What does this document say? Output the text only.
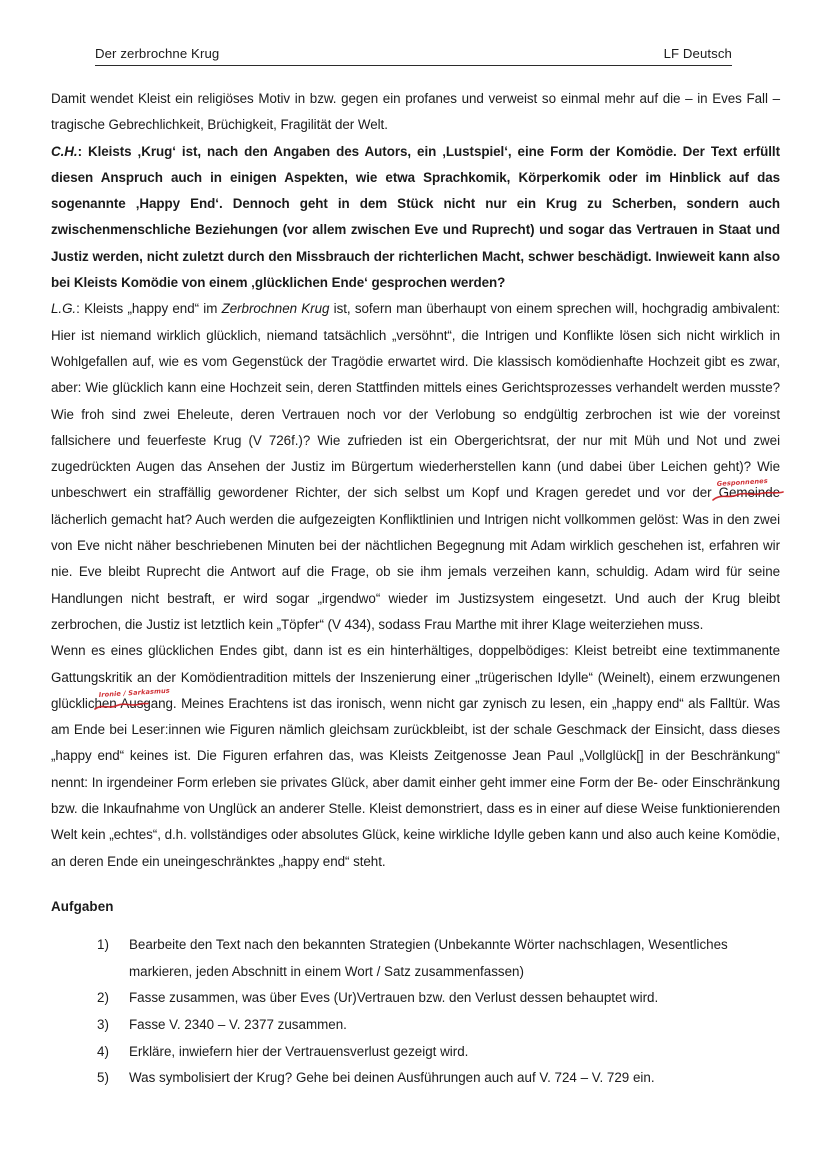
Der zerbrochne Krug	LF Deutsch

Damit wendet Kleist ein religiöses Motiv in bzw. gegen ein profanes und verweist so einmal mehr auf die – in Eves Fall – tragische Gebrechlichkeit, Brüchigkeit, Fragilität der Welt.

C.H.: Kleists ‚Krug‘ ist, nach den Angaben des Autors, ein ‚Lustspiel‘, eine Form der Komödie. Der Text erfüllt diesen Anspruch auch in einigen Aspekten, wie etwa Sprachkomik, Körperkomik oder im Hinblick auf das sogenannte ‚Happy End‘. Dennoch geht in dem Stück nicht nur ein Krug zu Scherben, sondern auch zwischenmenschliche Beziehungen (vor allem zwischen Eve und Ruprecht) und sogar das Vertrauen in Staat und Justiz werden, nicht zuletzt durch den Missbrauch der richterlichen Macht, schwer beschädigt. Inwieweit kann also bei Kleists Komödie von einem ‚glücklichen Ende‘ gesprochen werden?

L.G.: Kleists „happy end“ im Zerbrochnen Krug ist, sofern man überhaupt von einem sprechen will, hochgradig ambivalent: Hier ist niemand wirklich glücklich, niemand tatsächlich „versöhnt“, die Intrigen und Konflikte lösen sich nicht wirklich in Wohlgefallen auf, wie es vom Gegenstück der Tragödie erwartet wird. Die klassisch komödienhafte Hochzeit gibt es zwar, aber: Wie glücklich kann eine Hochzeit sein, deren Stattfinden mittels eines Gerichtsprozesses verhandelt werden musste? Wie froh sind zwei Eheleute, deren Vertrauen noch vor der Verlobung so endgültig zerbrochen ist wie der voreinst fallsichere und feuerfeste Krug (V 726f.)? Wie zufrieden ist ein Obergerichtsrat, der nur mit Müh und Not und zwei zugedrückten Augen das Ansehen der Justiz im Bürgertum wiederherstellen kann (und dabei über Leichen geht)? Wie unbeschwert ein straffällig gewordener Richter, der sich selbst um Kopf und Kragen geredet und vor der Gemeinde lächerlich gemacht hat? Auch werden die aufgezeigten Konfliktlinien und Intrigen nicht vollkommen gelöst: Was in den zwei von Eve nicht näher beschriebenen Minuten bei der nächtlichen Begegnung mit Adam wirklich geschehen ist, erfahren wir nie. Eve bleibt Ruprecht die Antwort auf die Frage, ob sie ihm jemals verzeihen kann, schuldig. Adam wird für seine Handlungen nicht bestraft, er wird sogar „irgendwo“ wieder im Justizsystem eingesetzt. Und auch der Krug bleibt zerbrochen, die Justiz ist letztlich kein „Töpfer“ (V 434), sodass Frau Marthe mit ihrer Klage weiterziehen muss.

Wenn es eines glücklichen Endes gibt, dann ist es ein hinterhältiges, doppelbödiges: Kleist betreibt eine textimmanente Gattungskritik an der Komödientradition mittels der Inszenierung einer „trügerischen Idylle“ (Weinelt), einem erzwungenen glücklichen Ausgang. Meines Erachtens ist das ironisch, wenn nicht gar zynisch zu lesen, ein „happy end“ als Falltür. Was am Ende bei Leser:innen wie Figuren nämlich gleichsam zurückbleibt, ist der schale Geschmack der Einsicht, dass dieses „happy end“ keines ist. Die Figuren erfahren das, was Kleists Zeitgenosse Jean Paul „Vollglück[] in der Beschränkung“ nennt: In irgendeiner Form erleben sie privates Glück, aber damit einher geht immer eine Form der Be- oder Einschränkung bzw. die Inkaufnahme von Unglück an anderer Stelle. Kleist demonstriert, dass es in einer auf diese Weise funktionierenden Welt kein „echtes“, d.h. vollständiges oder absolutes Glück, keine wirkliche Idylle geben kann und also auch keine Komödie, an deren Ende ein uneingeschränktes „happy end“ steht.

Gesponnenes
Ironie / Sarkasmus
Aufgaben
Bearbeite den Text nach den bekannten Strategien (Unbekannte Wörter nachschlagen, Wesentliches markieren, jeden Abschnitt in einem Wort / Satz zusammenfassen)
Fasse zusammen, was über Eves (Ur)Vertrauen bzw. den Verlust dessen behauptet wird.
Fasse V. 2340 – V. 2377 zusammen.
Erkläre, inwiefern hier der Vertrauensverlust gezeigt wird.
Was symbolisiert der Krug? Gehe bei deinen Ausführungen auch auf V. 724 – V. 729 ein.
